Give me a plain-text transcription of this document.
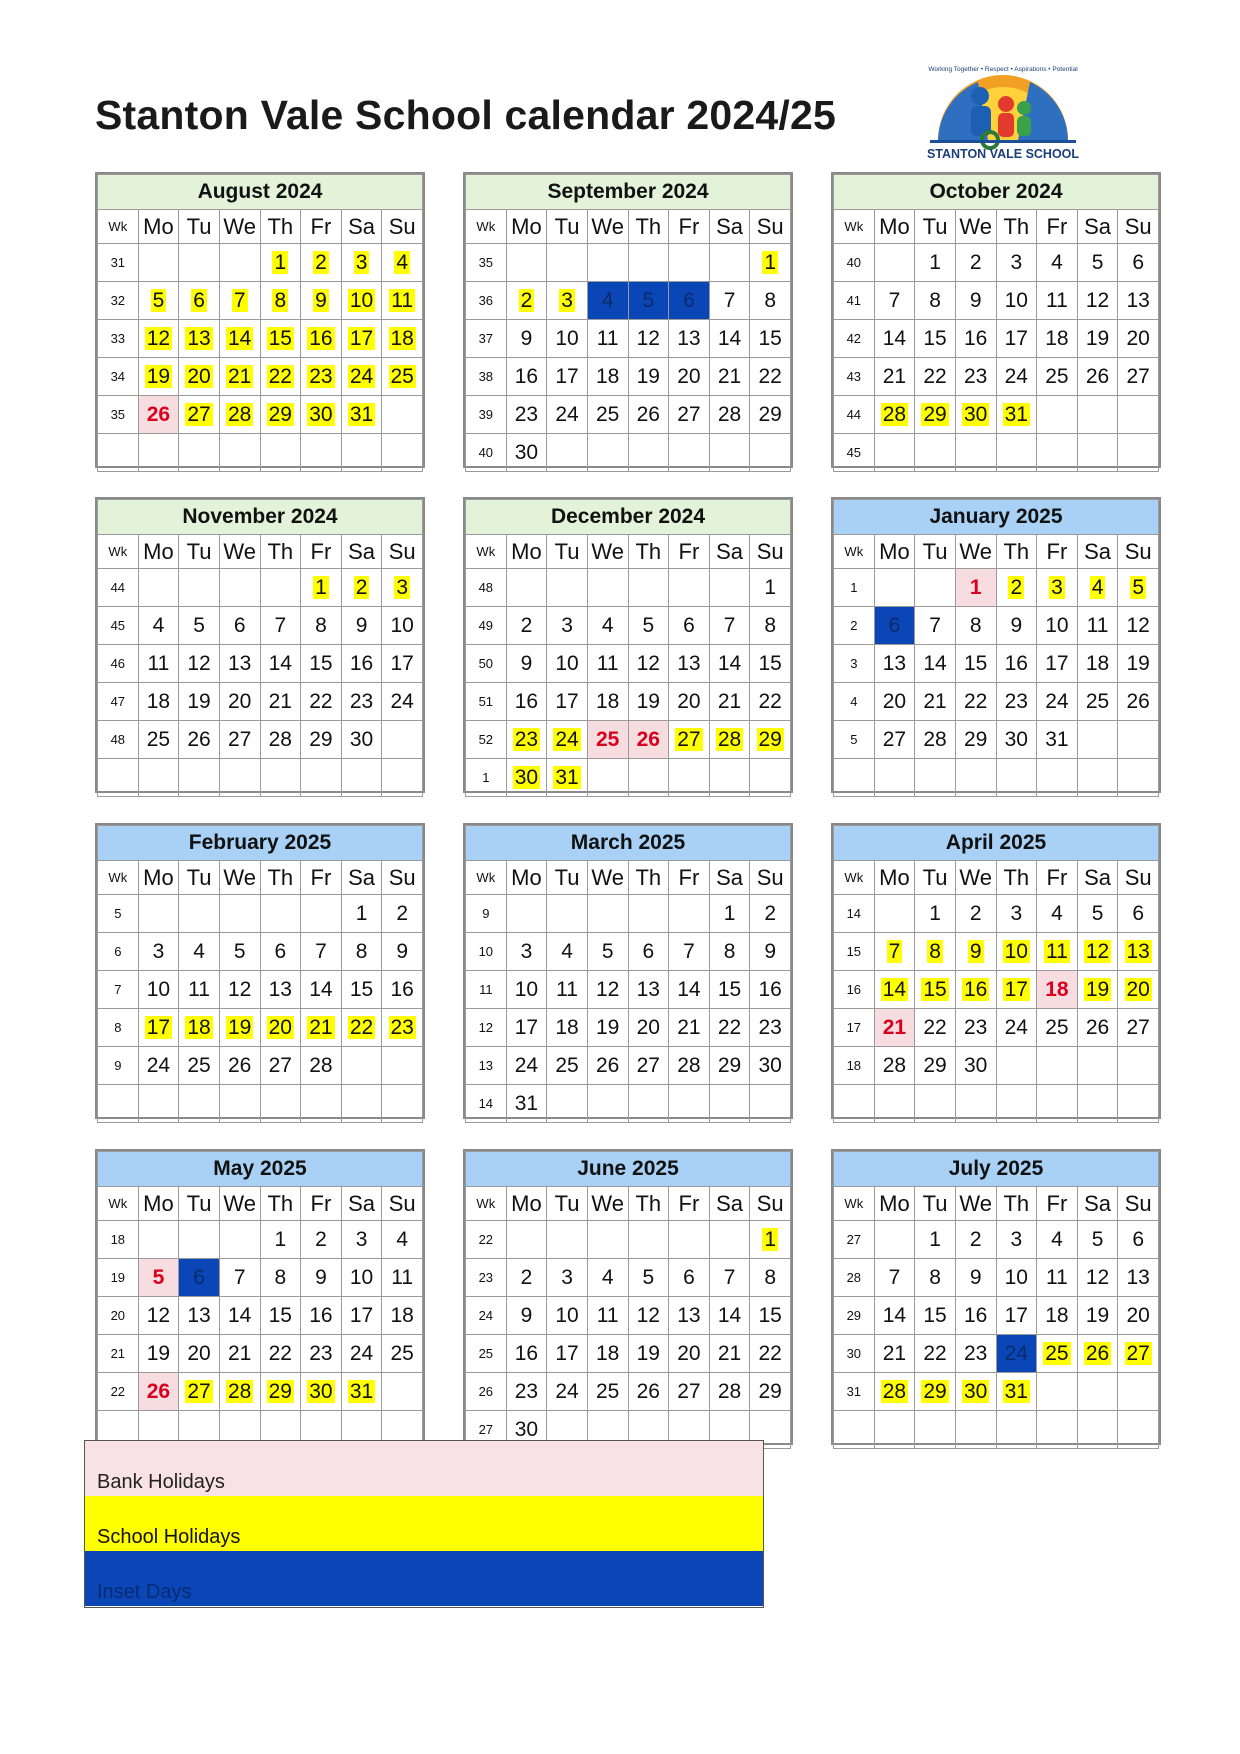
Stanton Vale School calendar 2024/25
STANTON VALE SCHOOL
Working Together • Respect • Aspirations • Potential
August 2024							
Wk	Mo	Tu	We	Th	Fr	Sa	Su
31				1	2	3	4
32	5	6	7	8	9	10	11
33	12	13	14	15	16	17	18
34	19	20	21	22	23	24	25
35	26	27	28	29	30	31	

September 2024							
Wk	Mo	Tu	We	Th	Fr	Sa	Su
35							1
36	2	3	4	5	6	7	8
37	9	10	11	12	13	14	15
38	16	17	18	19	20	21	22
39	23	24	25	26	27	28	29
40	30						
October 2024							
Wk	Mo	Tu	We	Th	Fr	Sa	Su
40		1	2	3	4	5	6
41	7	8	9	10	11	12	13
42	14	15	16	17	18	19	20
43	21	22	23	24	25	26	27
44	28	29	30	31			
45							
November 2024							
Wk	Mo	Tu	We	Th	Fr	Sa	Su
44					1	2	3
45	4	5	6	7	8	9	10
46	11	12	13	14	15	16	17
47	18	19	20	21	22	23	24
48	25	26	27	28	29	30	

December 2024							
Wk	Mo	Tu	We	Th	Fr	Sa	Su
48							1
49	2	3	4	5	6	7	8
50	9	10	11	12	13	14	15
51	16	17	18	19	20	21	22
52	23	24	25	26	27	28	29
1	30	31					
January 2025							
Wk	Mo	Tu	We	Th	Fr	Sa	Su
1			1	2	3	4	5
2	6	7	8	9	10	11	12
3	13	14	15	16	17	18	19
4	20	21	22	23	24	25	26
5	27	28	29	30	31		

February 2025							
Wk	Mo	Tu	We	Th	Fr	Sa	Su
5						1	2
6	3	4	5	6	7	8	9
7	10	11	12	13	14	15	16
8	17	18	19	20	21	22	23
9	24	25	26	27	28		

March 2025							
Wk	Mo	Tu	We	Th	Fr	Sa	Su
9						1	2
10	3	4	5	6	7	8	9
11	10	11	12	13	14	15	16
12	17	18	19	20	21	22	23
13	24	25	26	27	28	29	30
14	31						
April 2025							
Wk	Mo	Tu	We	Th	Fr	Sa	Su
14		1	2	3	4	5	6
15	7	8	9	10	11	12	13
16	14	15	16	17	18	19	20
17	21	22	23	24	25	26	27
18	28	29	30				

May 2025							
Wk	Mo	Tu	We	Th	Fr	Sa	Su
18				1	2	3	4
19	5	6	7	8	9	10	11
20	12	13	14	15	16	17	18
21	19	20	21	22	23	24	25
22	26	27	28	29	30	31	

June 2025							
Wk	Mo	Tu	We	Th	Fr	Sa	Su
22							1
23	2	3	4	5	6	7	8
24	9	10	11	12	13	14	15
25	16	17	18	19	20	21	22
26	23	24	25	26	27	28	29
27	30						
July 2025							
Wk	Mo	Tu	We	Th	Fr	Sa	Su
27		1	2	3	4	5	6
28	7	8	9	10	11	12	13
29	14	15	16	17	18	19	20
30	21	22	23	24	25	26	27
31	28	29	30	31			

Bank Holidays
School Holidays
Inset Days
